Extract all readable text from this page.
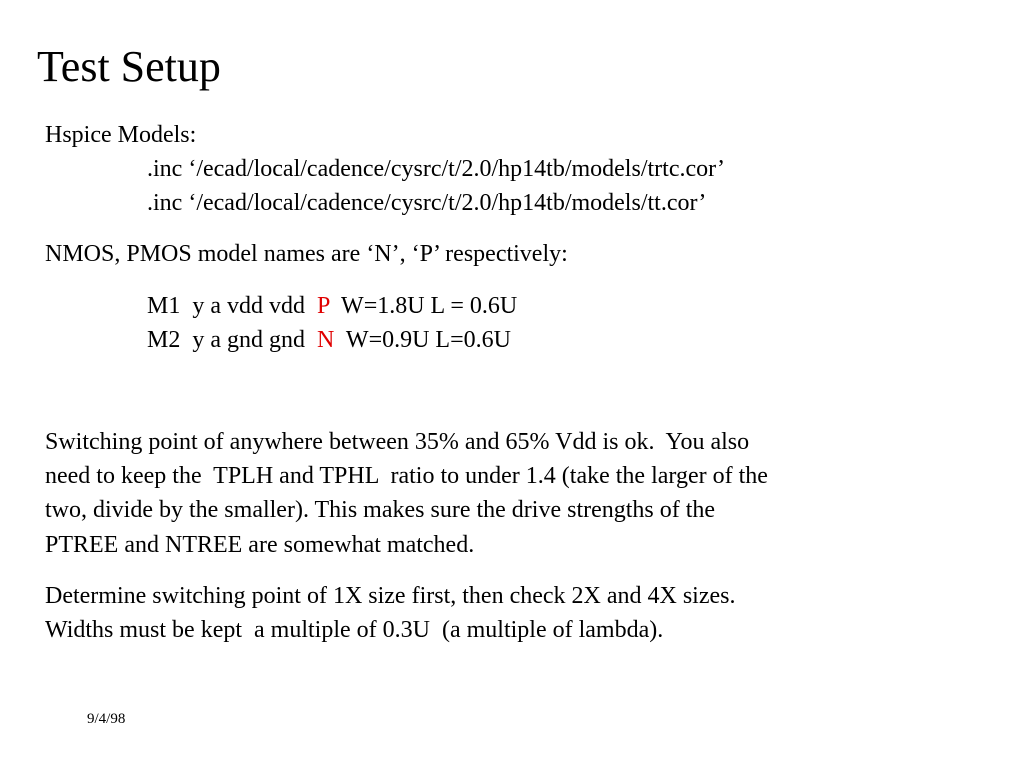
Test Setup
Hspice Models:
.inc ‘/ecad/local/cadence/cysrc/t/2.0/hp14tb/models/trtc.cor’
.inc ‘/ecad/local/cadence/cysrc/t/2.0/hp14tb/models/tt.cor’
NMOS, PMOS model names are ‘N’, ‘P’ respectively:
M1  y a vdd vdd  P  W=1.8U L = 0.6U
M2  y a gnd gnd  N  W=0.9U L=0.6U
Switching point of anywhere between 35% and 65% Vdd is ok.  You also
need to keep the  TPLH and TPHL  ratio to under 1.4 (take the larger of the
two, divide by the smaller). This makes sure the drive strengths of the
PTREE and NTREE are somewhat matched.
Determine switching point of 1X size first, then check 2X and 4X sizes.
Widths must be kept  a multiple of 0.3U  (a multiple of lambda).
9/4/98
